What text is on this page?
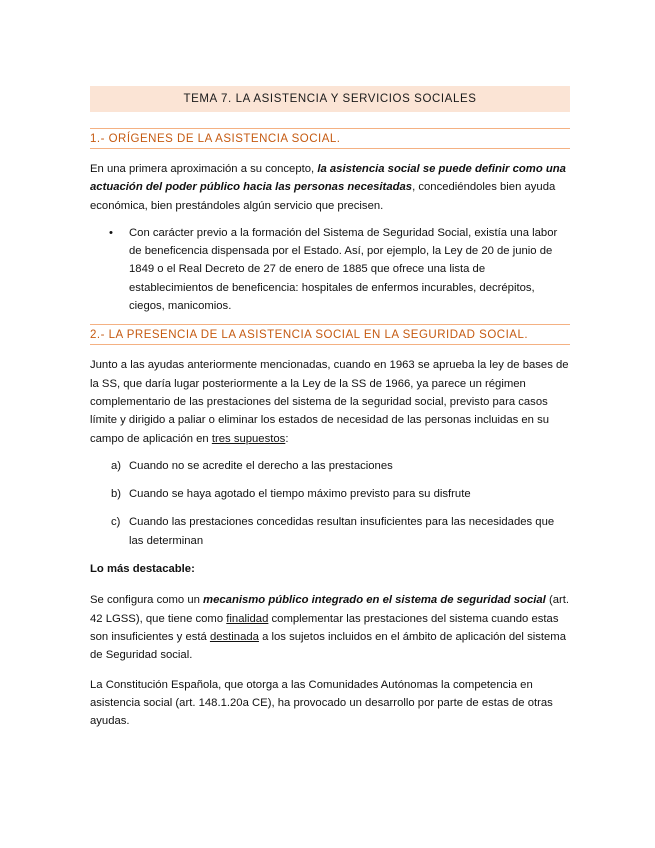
TEMA 7. LA ASISTENCIA Y SERVICIOS SOCIALES
1.- ORÍGENES DE LA ASISTENCIA SOCIAL.

En una primera aproximación a su concepto, la asistencia social se puede definir como una actuación del poder público hacia las personas necesitadas, concediéndoles bien ayuda económica, bien prestándoles algún servicio que precisen.

• Con carácter previo a la formación del Sistema de Seguridad Social, existía una labor de beneficencia dispensada por el Estado. Así, por ejemplo, la Ley de 20 de junio de 1849 o el Real Decreto de 27 de enero de 1885 que ofrece una lista de establecimientos de beneficencia: hospitales de enfermos incurables, decrépitos, ciegos, manicomios.
2.- LA PRESENCIA DE LA ASISTENCIA SOCIAL EN LA SEGURIDAD SOCIAL.

Junto a las ayudas anteriormente mencionadas, cuando en 1963 se aprueba la ley de bases de la SS, que daría lugar posteriormente a la Ley de la SS de 1966, ya parece un régimen complementario de las prestaciones del sistema de la seguridad social, previsto para casos límite y dirigido a paliar o eliminar los estados de necesidad de las personas incluidas en su campo de aplicación en tres supuestos:

a) Cuando no se acredite el derecho a las prestaciones
b) Cuando se haya agotado el tiempo máximo previsto para su disfrute
c) Cuando las prestaciones concedidas resultan insuficientes para las necesidades que las determinan

Lo más destacable:

Se configura como un mecanismo público integrado en el sistema de seguridad social (art. 42 LGSS), que tiene como finalidad complementar las prestaciones del sistema cuando estas son insuficientes y está destinada a los sujetos incluidos en el ámbito de aplicación del sistema de Seguridad social.

La Constitución Española, que otorga a las Comunidades Autónomas la competencia en asistencia social (art. 148.1.20a CE), ha provocado un desarrollo por parte de estas de otras ayudas.
